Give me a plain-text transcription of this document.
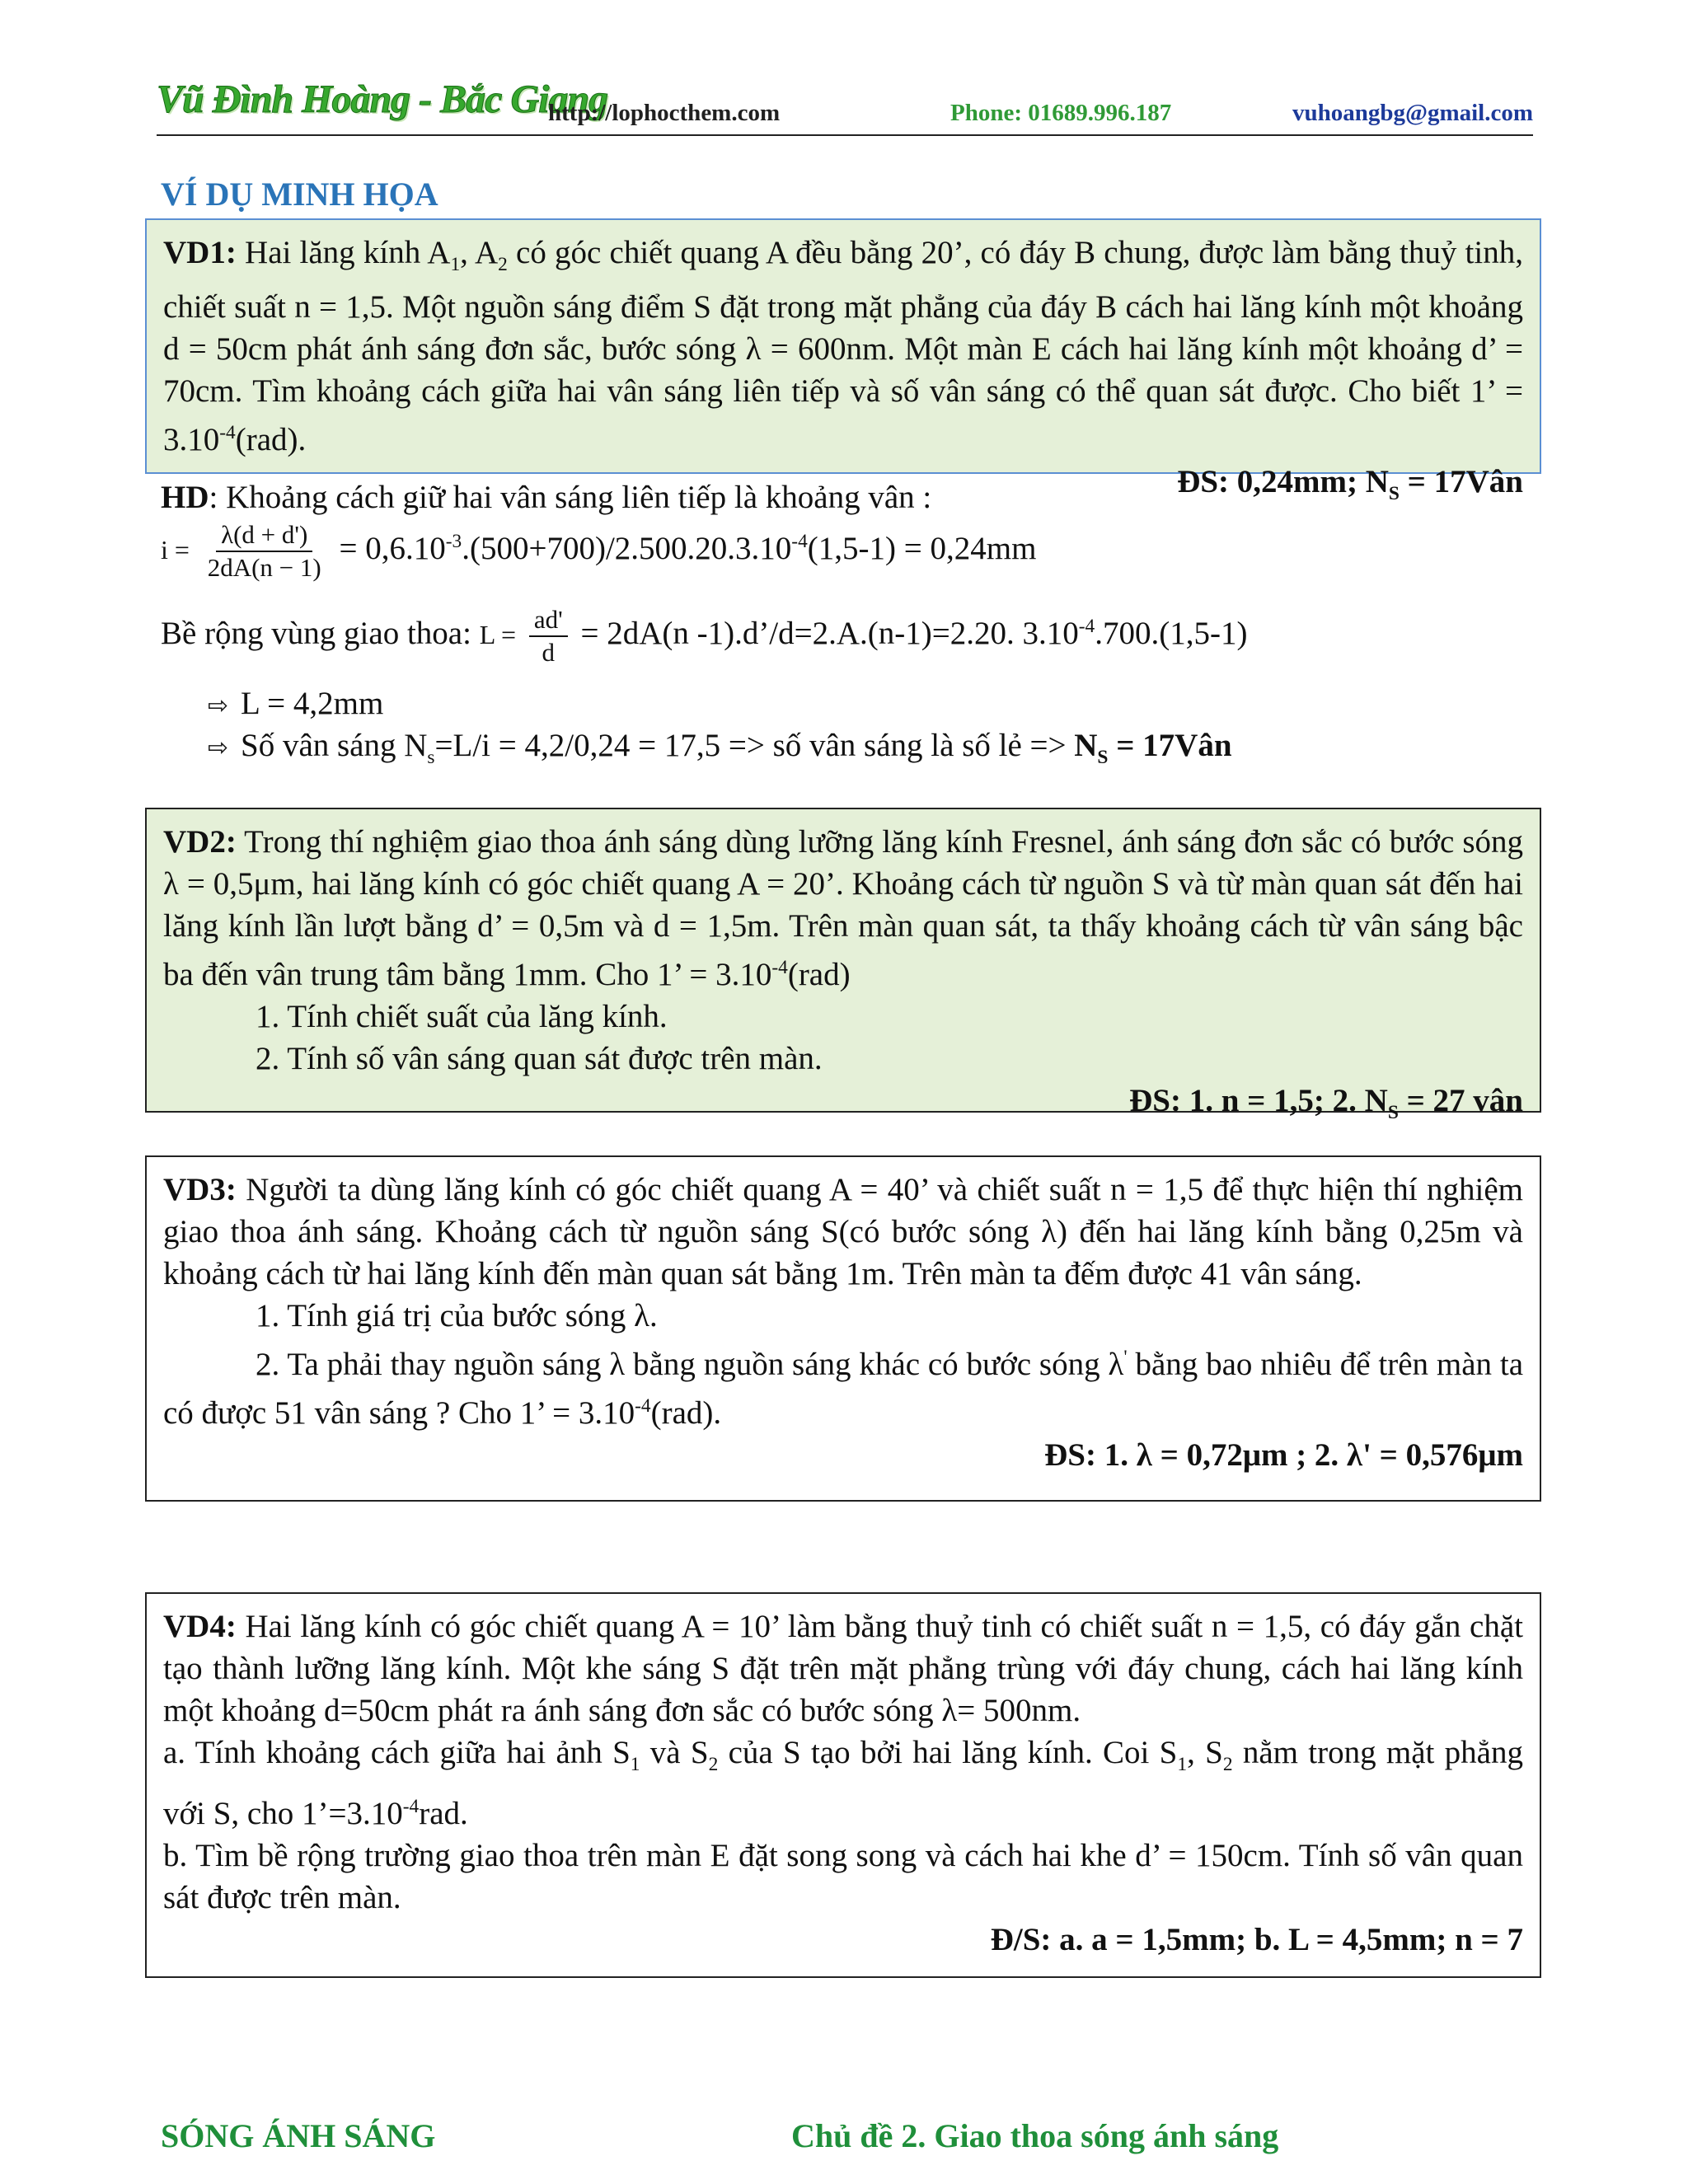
Vũ Đình Hoàng - Bắc Giang
http://lophocthem.com	Phone: 01689.996.187	vuhoangbg@gmail.com
VÍ DỤ MINH HỌA

VD1: Hai lăng kính $A_1$, $A_2$ có góc chiết quang A đều bằng 20’, có đáy B chung, được làm bằng thuỷ tinh, chiết suất n = 1,5. Một nguồn sáng điểm S đặt trong mặt phẳng của đáy B cách hai lăng kính một khoảng d = 50cm phát ánh sáng đơn sắc, bước sóng λ = 600nm. Một màn E cách hai lăng kính một khoảng d’ = 70cm. Tìm khoảng cách giữa hai vân sáng liên tiếp và số vân sáng có thể quan sát được. Cho biết 1’ = $3.10^{-4}(rad)$.

ĐS: 0,24mm; $N_S$ = 17Vân

HD: Khoảng cách giữ hai vân sáng liên tiếp là khoảng vân :
$i = \frac{\lambda(d + d')}{2dA(n - 1)} = 0,6.10^{-3}.(500+700)/2.500.20.3.10^{-4}(1,5-1) = 0,24mm$
Bề rộng vùng giao thoa: $L = \frac{ad'}{d} = 2dA(n$ -1).d’/d=2.A.(n-1)=2.20. $3.10^{-4}.700.(1,5-1)$
⇨ L = 4,2mm
⇨ Số vân sáng $N_s=L/i = 4,2/0,24 = 17,5$ => số vân sáng là số lẻ => $N_S$ = 17Vân

VD2: Trong thí nghiệm giao thoa ánh sáng dùng lưỡng lăng kính Fresnel, ánh sáng đơn sắc có bước sóng λ = 0,5μm, hai lăng kính có góc chiết quang A = 20’. Khoảng cách từ nguồn S và từ màn quan sát đến hai lăng kính lần lượt bằng d’ = 0,5m và d = 1,5m. Trên màn quan sát, ta thấy khoảng cách từ vân sáng bậc ba đến vân trung tâm bằng 1mm. Cho 1’ = $3.10^{-4}(rad)$

1. Tính chiết suất của lăng kính.

2. Tính số vân sáng quan sát được trên màn.

ĐS: 1. n = 1,5; 2. $N_S = 27$ vân

VD3: Người ta dùng lăng kính có góc chiết quang A = 40’ và chiết suất n = 1,5 để thực hiện thí nghiệm giao thoa ánh sáng. Khoảng cách từ nguồn sáng S(có bước sóng λ) đến hai lăng kính bằng 0,25m và khoảng cách từ hai lăng kính đến màn quan sát bằng 1m. Trên màn ta đếm được 41 vân sáng.

1. Tính giá trị của bước sóng λ.

2. Ta phải thay nguồn sáng λ bằng nguồn sáng khác có bước sóng λ' bằng bao nhiêu để trên màn ta có được 51 vân sáng ? Cho 1’ = $3.10^{-4}(rad)$.

ĐS: 1. λ = 0,72μm ; 2. λ' = 0,576μm

VD4: Hai lăng kính có góc chiết quang A = 10’ làm bằng thuỷ tinh có chiết suất n = 1,5, có đáy gắn chặt tạo thành lưỡng lăng kính. Một khe sáng S đặt trên mặt phẳng trùng với đáy chung, cách hai lăng kính một khoảng d=50cm phát ra ánh sáng đơn sắc có bước sóng λ= 500nm.

a. Tính khoảng cách giữa hai ảnh $S_1$ và $S_2$ của S tạo bởi hai lăng kính. Coi $S_1$, $S_2$ nằm trong mặt phẳng với S, cho $1’=3.10^{-4}rad$.

b. Tìm bề rộng trường giao thoa trên màn E đặt song song và cách hai khe d’ = 150cm. Tính số vân quan sát được trên màn.

Đ/S: a. a = 1,5mm; b. L = 4,5mm; n = 7

SÓNG ÁNH SÁNG	Chủ đề 2. Giao thoa sóng ánh sáng
